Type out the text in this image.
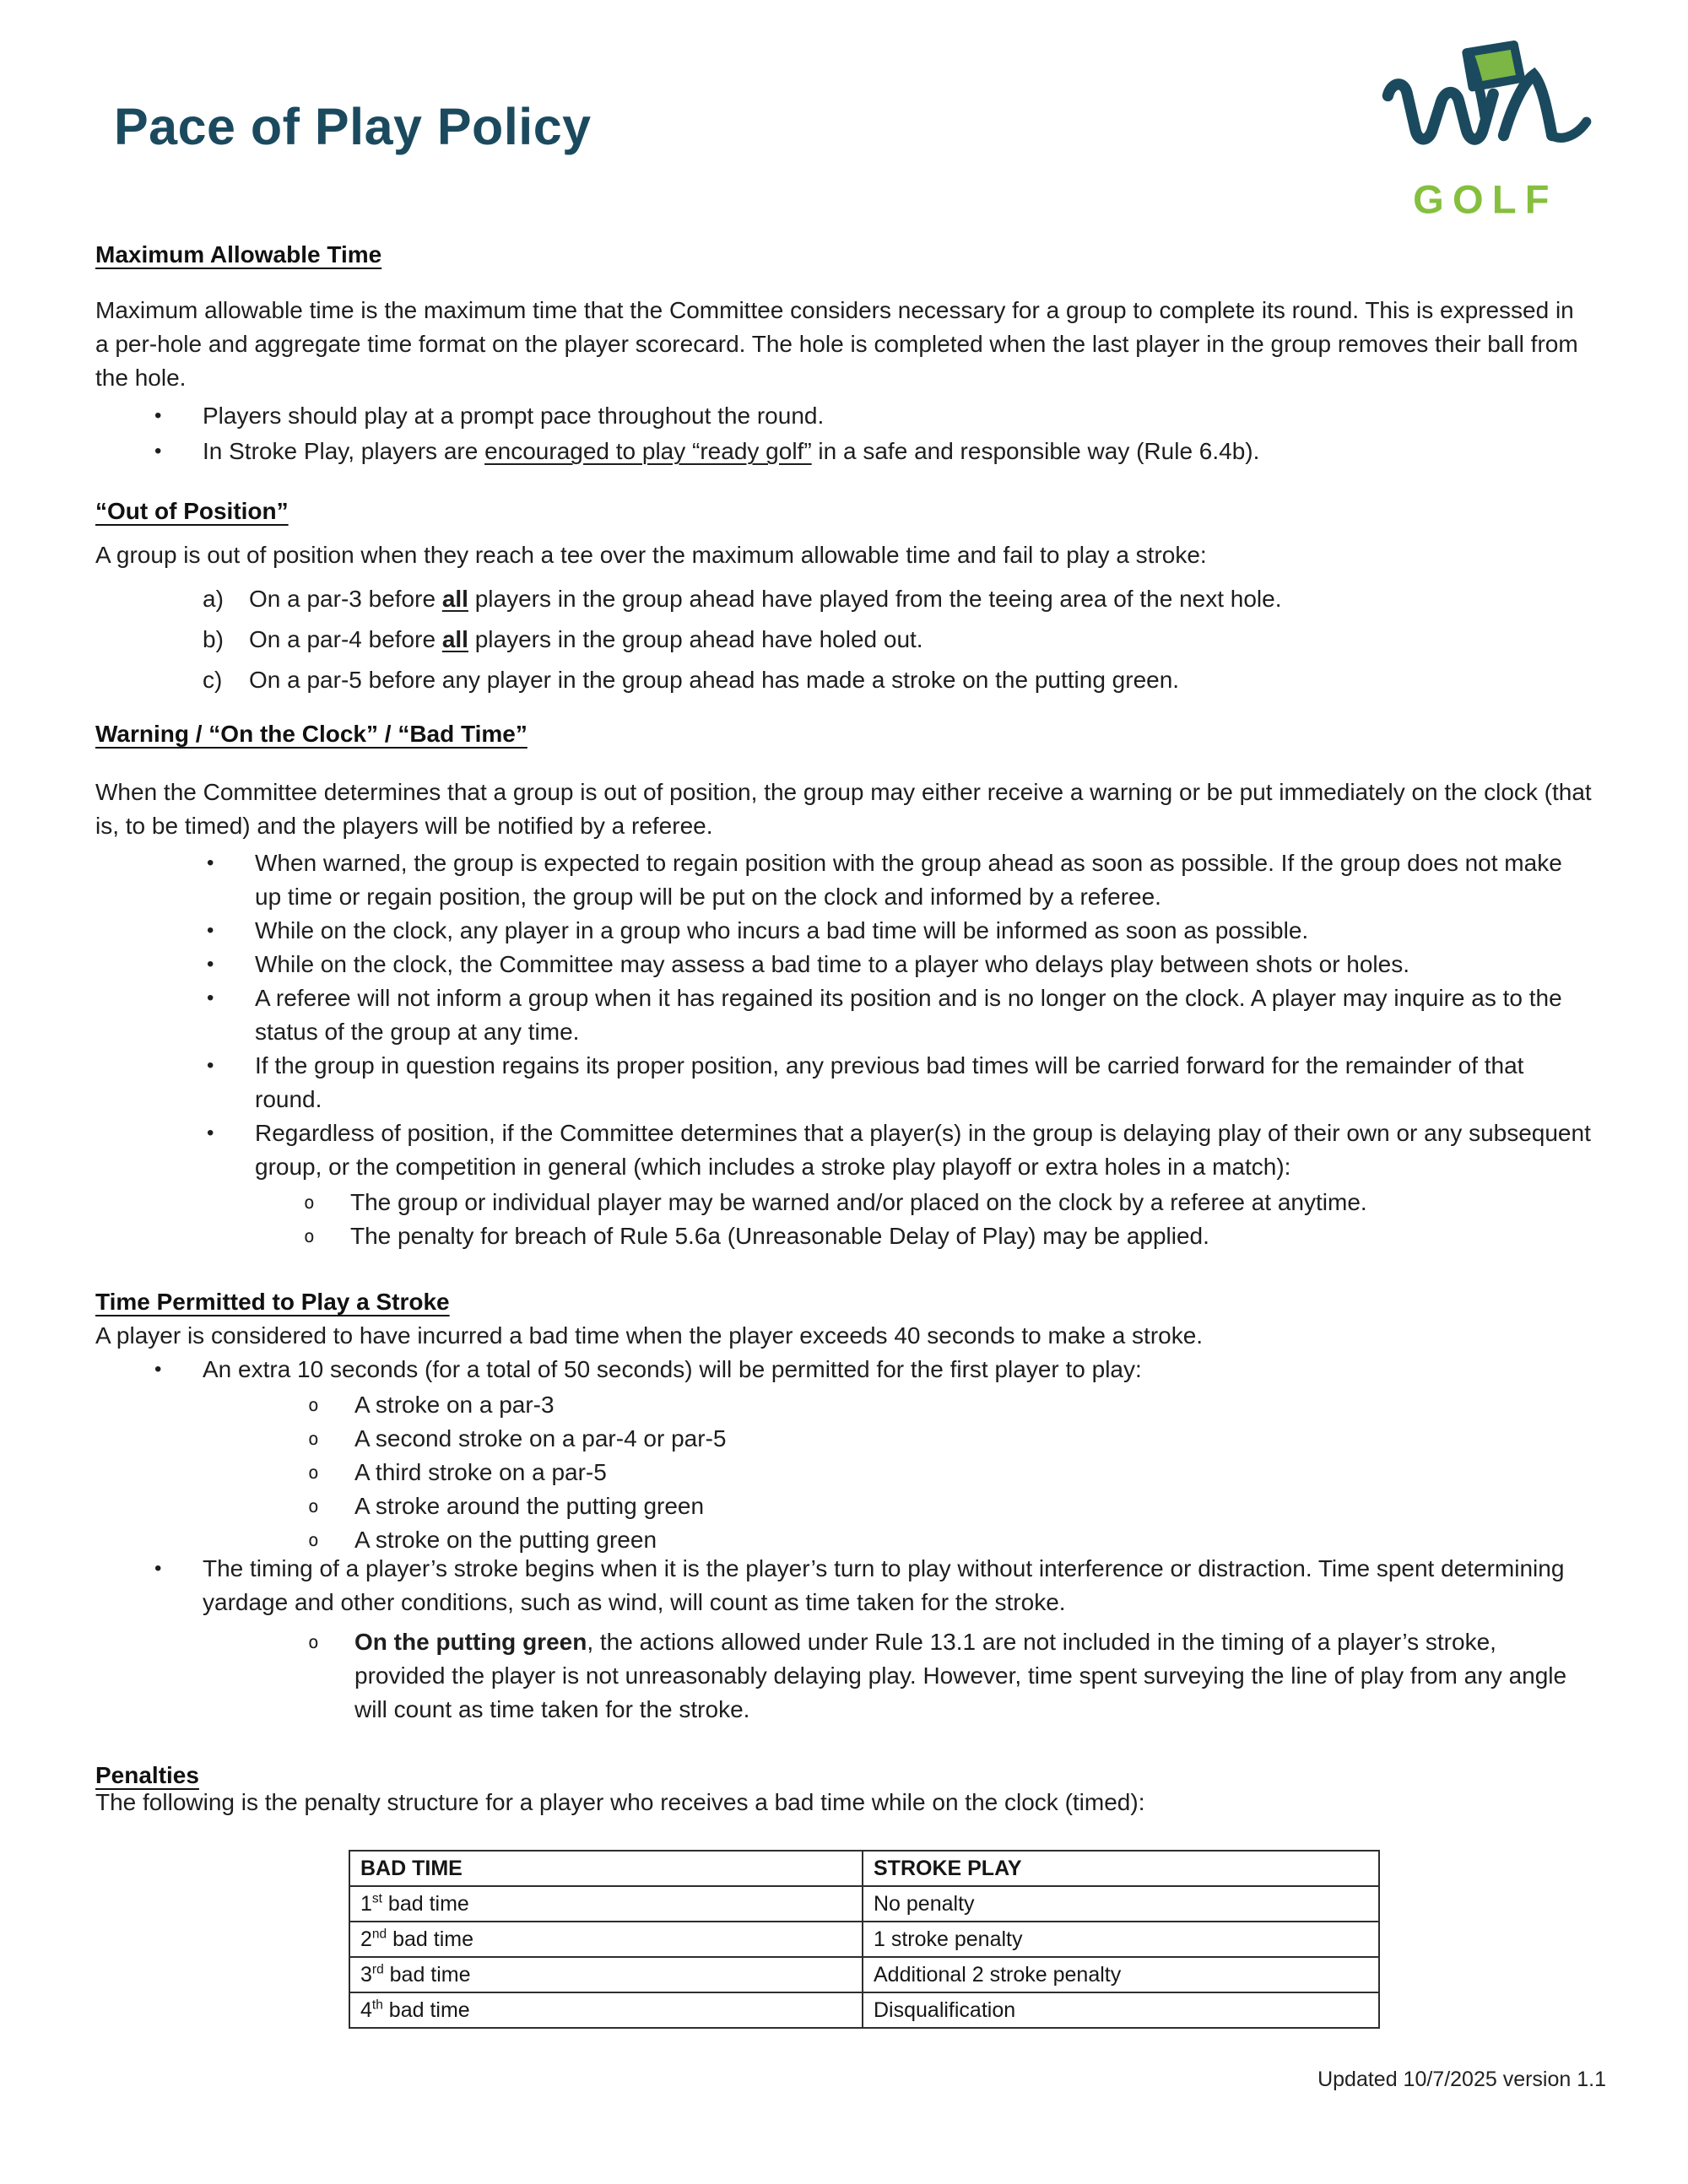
Pace of Play Policy
GOLF
Maximum Allowable Time

Maximum allowable time is the maximum time that the Committee considers necessary for a group to complete its round. This is expressed in a per-hole and aggregate time format on the player scorecard. The hole is completed when the last player in the group removes their ball from the hole.

•	Players should play at a prompt pace throughout the round.
•	In Stroke Play, players are encouraged to play “ready golf” in a safe and responsible way (Rule 6.4b).
“Out of Position”

A group is out of position when they reach a tee over the maximum allowable time and fail to play a stroke:

a)	On a par-3 before all players in the group ahead have played from the teeing area of the next hole.
b)	On a par-4 before all players in the group ahead have holed out.
c)	On a par-5 before any player in the group ahead has made a stroke on the putting green.
Warning / “On the Clock” / “Bad Time”

When the Committee determines that a group is out of position, the group may either receive a warning or be put immediately on the clock (that is, to be timed) and the players will be notified by a referee.

•	When warned, the group is expected to regain position with the group ahead as soon as possible. If the group does not make up time or regain position, the group will be put on the clock and informed by a referee.
•	While on the clock, any player in a group who incurs a bad time will be informed as soon as possible.
•	While on the clock, the Committee may assess a bad time to a player who delays play between shots or holes.
•	A referee will not inform a group when it has regained its position and is no longer on the clock. A player may inquire as to the status of the group at any time.
•	If the group in question regains its proper position, any previous bad times will be carried forward for the remainder of that round.
•	Regardless of position, if the Committee determines that a player(s) in the group is delaying play of their own or any subsequent group, or the competition in general (which includes a stroke play playoff or extra holes in a match):
o	The group or individual player may be warned and/or placed on the clock by a referee at anytime.
o	The penalty for breach of Rule 5.6a (Unreasonable Delay of Play) may be applied.
Time Permitted to Play a Stroke

A player is considered to have incurred a bad time when the player exceeds 40 seconds to make a stroke.

•	An extra 10 seconds (for a total of 50 seconds) will be permitted for the first player to play:
o	A stroke on a par-3
o	A second stroke on a par-4 or par-5
o	A third stroke on a par-5
o	A stroke around the putting green
o	A stroke on the putting green
•	The timing of a player’s stroke begins when it is the player’s turn to play without interference or distraction. Time spent determining yardage and other conditions, such as wind, will count as time taken for the stroke.
o	On the putting green, the actions allowed under Rule 13.1 are not included in the timing of a player’s stroke, provided the player is not unreasonably delaying play. However, time spent surveying the line of play from any angle will count as time taken for the stroke.
Penalties

The following is the penalty structure for a player who receives a bad time while on the clock (timed):

BAD TIME	STROKE PLAY
1st bad time	No penalty
2nd bad time	1 stroke penalty
3rd bad time	Additional 2 stroke penalty
4th bad time	Disqualification
Updated 10/7/2025 version 1.1
